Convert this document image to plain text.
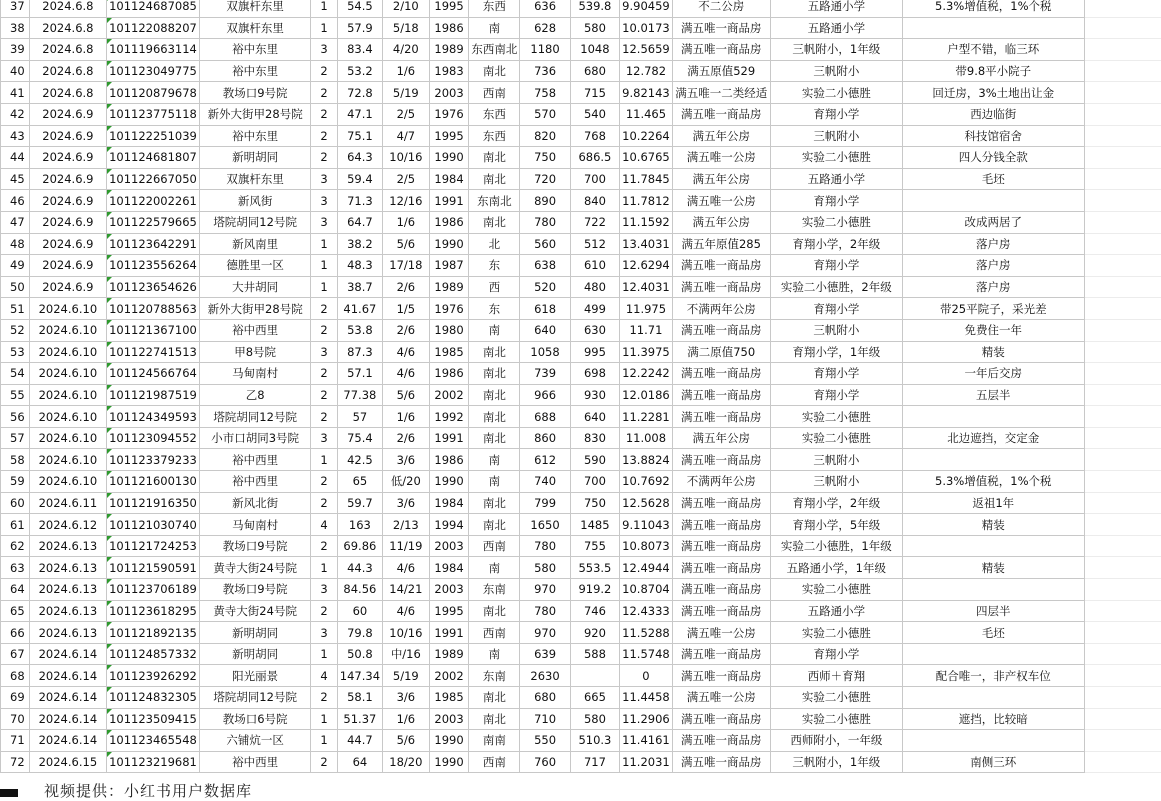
37	2024.6.8	101124687085	双旗杆东里	1	54.5	2/10	1995	东西	636	539.8	9.90459	不二公房	五路通小学	5.3%增值税，1%个税	
38	2024.6.8	101122088207	双旗杆东里	1	57.9	5/18	1986	南	628	580	10.0173	满五唯一商品房	五路通小学		
39	2024.6.8	101119663114	裕中东里	3	83.4	4/20	1989	东西南北	1180	1048	12.5659	满五唯一商品房	三帆附小，1年级	户型不错，临三环	
40	2024.6.8	101123049775	裕中东里	2	53.2	1/6	1983	南北	736	680	12.782	满五原值529	三帆附小	带9.8平小院子	
41	2024.6.8	101120879678	教场口9号院	2	72.8	5/19	2003	西南	758	715	9.82143	满五唯一二类经适	实验二小德胜	回迁房，3%土地出让金	
42	2024.6.9	101123775118	新外大街甲28号院	2	47.1	2/5	1976	东西	570	540	11.465	满五唯一商品房	育翔小学	西边临街	
43	2024.6.9	101122251039	裕中东里	2	75.1	4/7	1995	东西	820	768	10.2264	满五年公房	三帆附小	科技馆宿舍	
44	2024.6.9	101124681807	新明胡同	2	64.3	10/16	1990	南北	750	686.5	10.6765	满五唯一公房	实验二小德胜	四人分钱全款	
45	2024.6.9	101122667050	双旗杆东里	3	59.4	2/5	1984	南北	720	700	11.7845	满五年公房	五路通小学	毛坯	
46	2024.6.9	101122002261	新风街	3	71.3	12/16	1991	东南北	890	840	11.7812	满五唯一公房	育翔小学		
47	2024.6.9	101122579665	塔院胡同12号院	3	64.7	1/6	1986	南北	780	722	11.1592	满五年公房	实验二小德胜	改成两居了	
48	2024.6.9	101123642291	新风南里	1	38.2	5/6	1990	北	560	512	13.4031	满五年原值285	育翔小学，2年级	落户房	
49	2024.6.9	101123556264	德胜里一区	1	48.3	17/18	1987	东	638	610	12.6294	满五唯一商品房	育翔小学	落户房	
50	2024.6.9	101123654626	大井胡同	1	38.7	2/6	1989	西	520	480	12.4031	满五唯一商品房	实验二小德胜，2年级	落户房	
51	2024.6.10	101120788563	新外大街甲28号院	2	41.67	1/5	1976	东	618	499	11.975	不满两年公房	育翔小学	带25平院子，采光差	
52	2024.6.10	101121367100	裕中西里	2	53.8	2/6	1980	南	640	630	11.71	满五唯一商品房	三帆附小	免费住一年	
53	2024.6.10	101122741513	甲8号院	3	87.3	4/6	1985	南北	1058	995	11.3975	满二原值750	育翔小学，1年级	精装	
54	2024.6.10	101124566764	马甸南村	2	57.1	4/6	1986	南北	739	698	12.2242	满五唯一商品房	育翔小学	一年后交房	
55	2024.6.10	101121987519	乙8	2	77.38	5/6	2002	南北	966	930	12.0186	满五唯一商品房	育翔小学	五层半	
56	2024.6.10	101124349593	塔院胡同12号院	2	57	1/6	1992	南北	688	640	11.2281	满五唯一商品房	实验二小德胜		
57	2024.6.10	101123094552	小市口胡同3号院	3	75.4	2/6	1991	南北	860	830	11.008	满五年公房	实验二小德胜	北边遮挡，交定金	
58	2024.6.10	101123379233	裕中西里	1	42.5	3/6	1986	南	612	590	13.8824	满五唯一商品房	三帆附小		
59	2024.6.10	101121600130	裕中西里	2	65	低/20	1990	南	740	700	10.7692	不满两年公房	三帆附小	5.3%增值税，1%个税	
60	2024.6.11	101121916350	新风北街	2	59.7	3/6	1984	南北	799	750	12.5628	满五唯一商品房	育翔小学，2年级	返祖1年	
61	2024.6.12	101121030740	马甸南村	4	163	2/13	1994	南北	1650	1485	9.11043	满五唯一商品房	育翔小学，5年级	精装	
62	2024.6.13	101121724253	教场口9号院	2	69.86	11/19	2003	西南	780	755	10.8073	满五唯一商品房	实验二小德胜，1年级		
63	2024.6.13	101121590591	黄寺大街24号院	1	44.3	4/6	1984	南	580	553.5	12.4944	满五唯一商品房	五路通小学，1年级	精装	
64	2024.6.13	101123706189	教场口9号院	3	84.56	14/21	2003	东南	970	919.2	10.8704	满五唯一商品房	实验二小德胜		
65	2024.6.13	101123618295	黄寺大街24号院	2	60	4/6	1995	南北	780	746	12.4333	满五唯一商品房	五路通小学	四层半	
66	2024.6.13	101121892135	新明胡同	3	79.8	10/16	1991	西南	970	920	11.5288	满五唯一公房	实验二小德胜	毛坯	
67	2024.6.14	101124857332	新明胡同	1	50.8	中/16	1989	南	639	588	11.5748	满五唯一商品房	育翔小学		
68	2024.6.14	101123926292	阳光丽景	4	147.34	5/19	2002	东南	2630		0	满五唯一商品房	西师＋育翔	配合唯一，非产权车位	
69	2024.6.14	101124832305	塔院胡同12号院	2	58.1	3/6	1985	南北	680	665	11.4458	满五唯一公房	实验二小德胜		
70	2024.6.14	101123509415	教场口6号院	1	51.37	1/6	2003	南北	710	580	11.2906	满五唯一商品房	实验二小德胜	遮挡，比较暗	
71	2024.6.14	101123465548	六铺炕一区	1	44.7	5/6	1990	南南	550	510.3	11.4161	满五唯一商品房	西师附小，一年级		
72	2024.6.15	101123219681	裕中西里	2	64	18/20	1990	西南	760	717	11.2031	满五唯一商品房	三帆附小，1年级	南侧三环	
视频提供：小红书用户数据库
